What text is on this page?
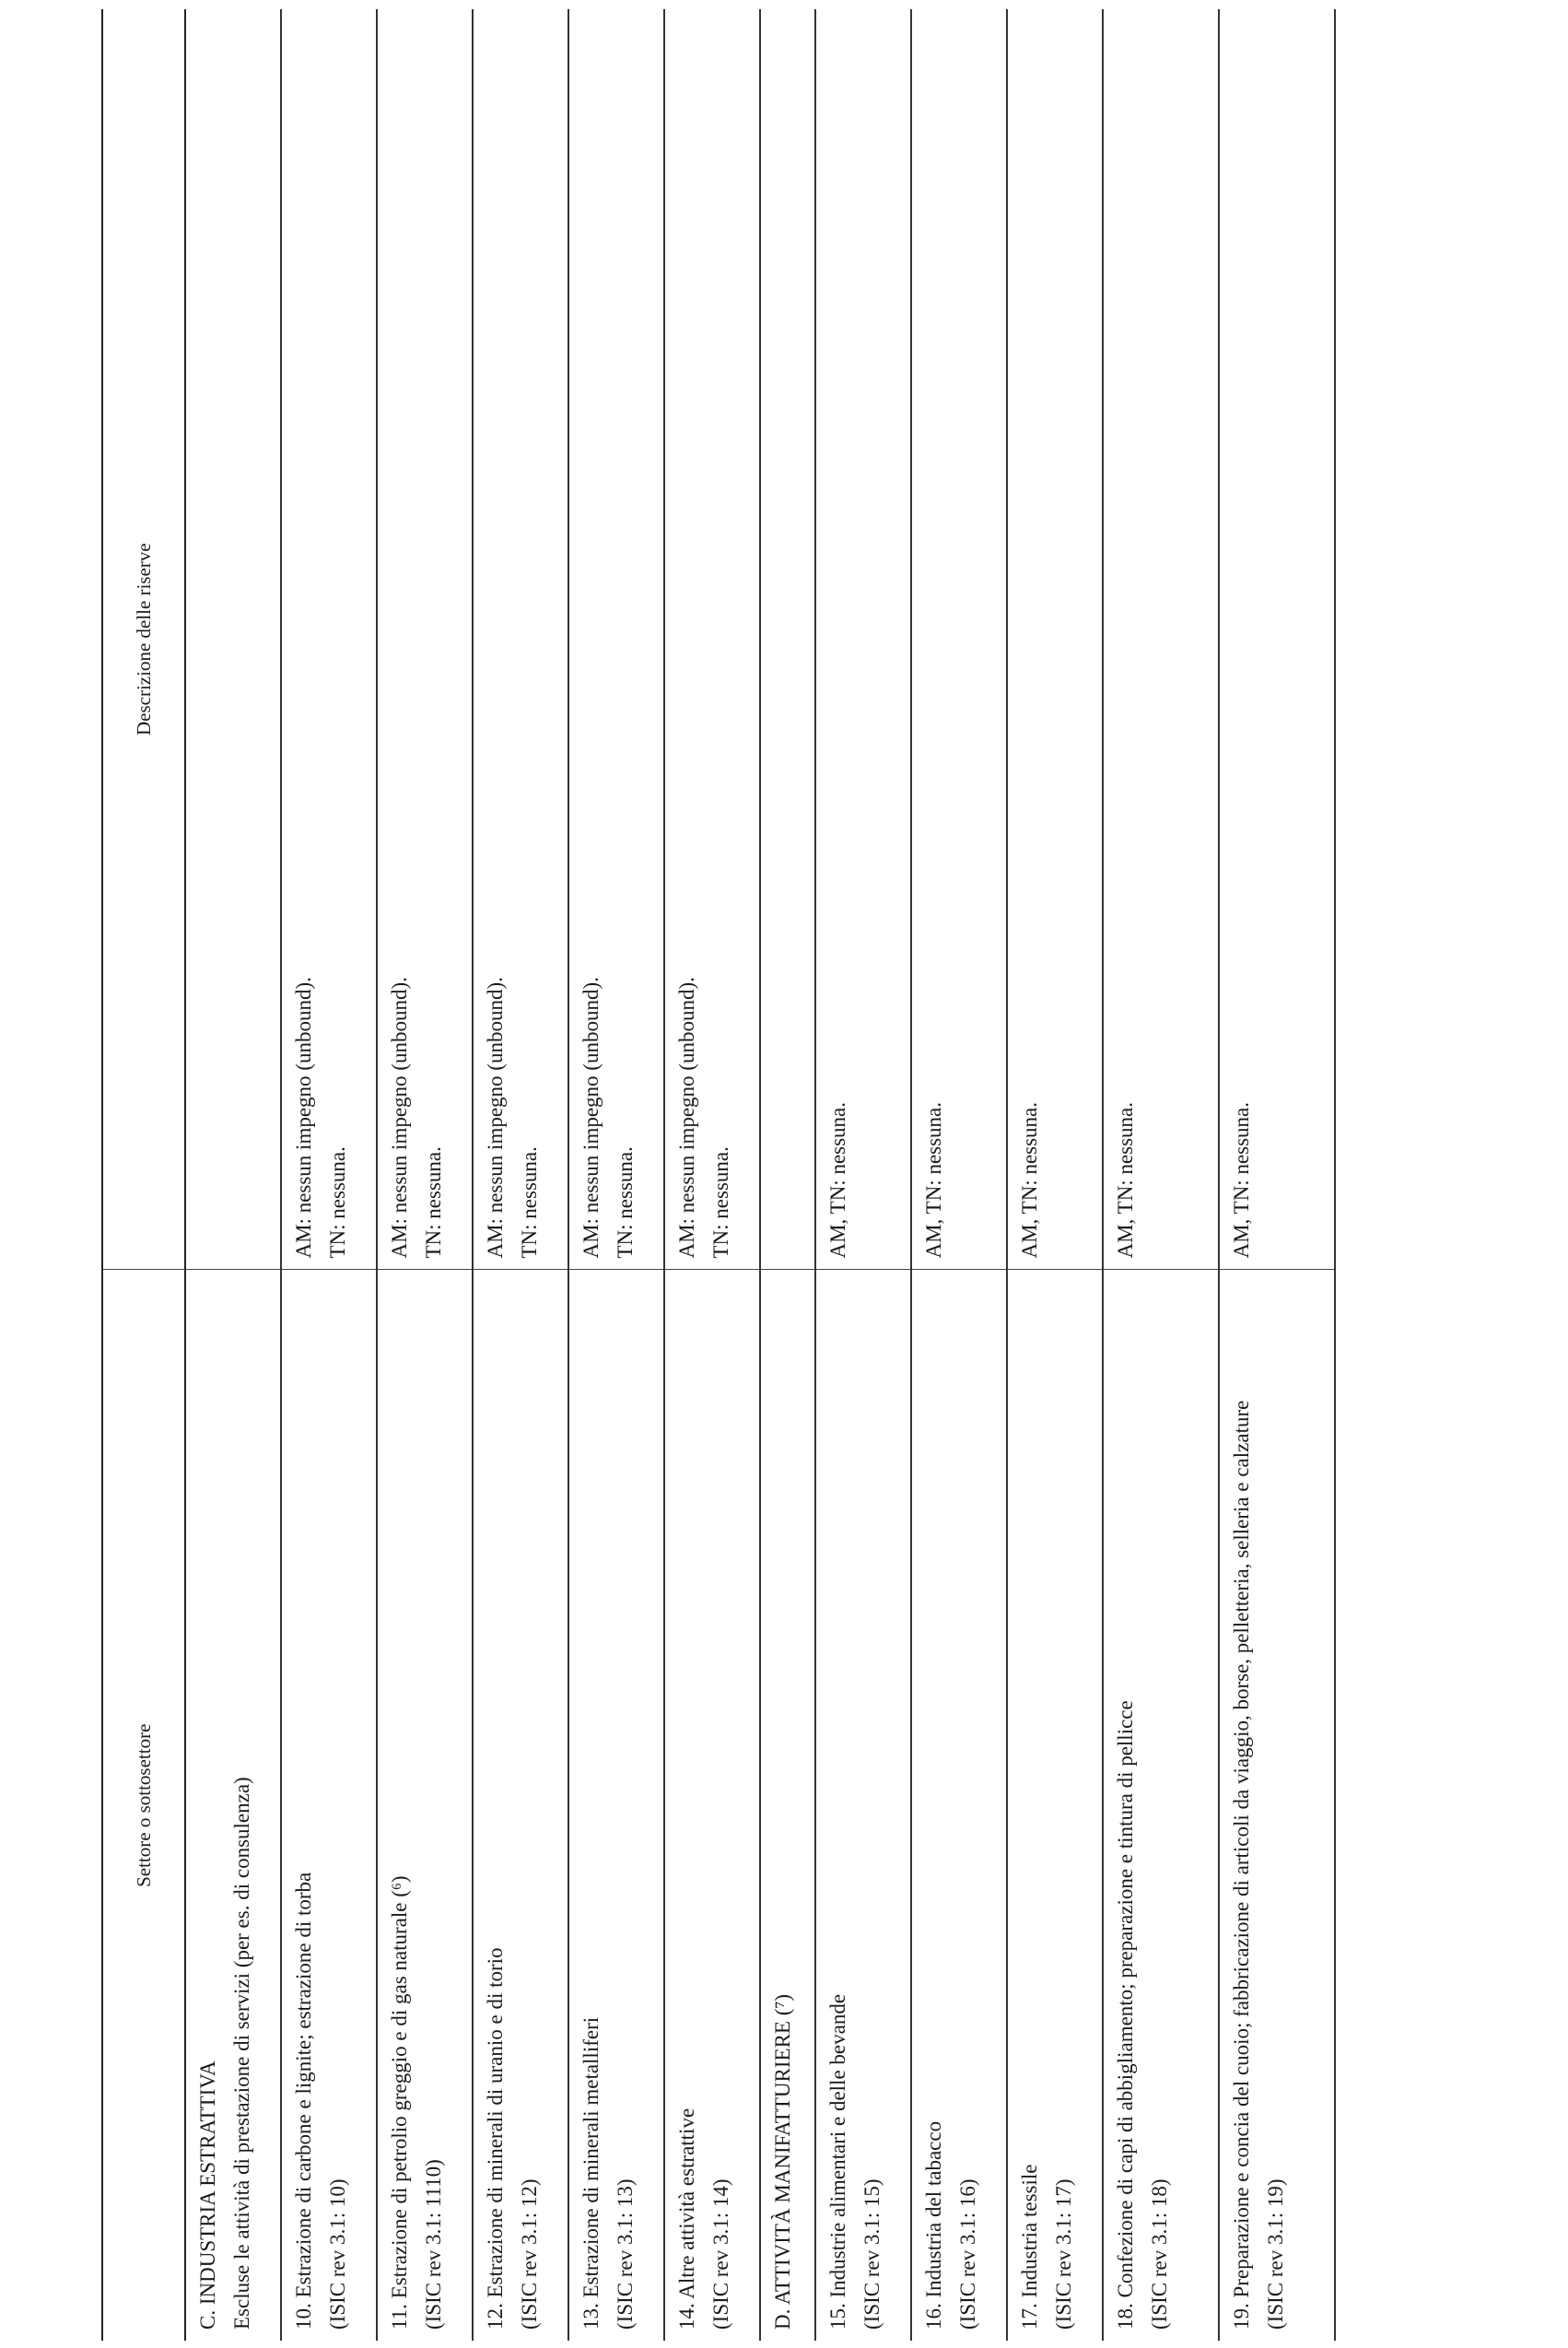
Settore o sottosettore	Descrizione delle riserve

C. INDUSTRIA ESTRATTIVA Escluse le attività di prestazione di servizi (per es. di consulenza)	

10. Estrazione di carbone e lignite; estrazione di torba (ISIC rev 3.1: 10)	AM: nessun impegno (unbound). TN: nessuna.

11. Estrazione di petrolio greggio e di gas naturale (⁶) (ISIC rev 3.1: 1110)	AM: nessun impegno (unbound). TN: nessuna.

12. Estrazione di minerali di uranio e di torio (ISIC rev 3.1: 12)	AM: nessun impegno (unbound). TN: nessuna.

13. Estrazione di minerali metalliferi (ISIC rev 3.1: 13)	AM: nessun impegno (unbound). TN: nessuna.

14. Altre attività estrattive (ISIC rev 3.1: 14)	AM: nessun impegno (unbound). TN: nessuna.

D. ATTIVITÀ MANIFATTURIERE (⁷)	

15. Industrie alimentari e delle bevande (ISIC rev 3.1: 15)	AM, TN: nessuna.

16. Industria del tabacco (ISIC rev 3.1: 16)	AM, TN: nessuna.

17. Industria tessile (ISIC rev 3.1: 17)	AM, TN: nessuna.

18. Confezione di capi di abbigliamento; preparazione e tintura di pellicce (ISIC rev 3.1: 18)	AM, TN: nessuna.

19. Preparazione e concia del cuoio; fabbricazione di articoli da viaggio, borse, pelletteria, selleria e calzature (ISIC rev 3.1: 19)	AM, TN: nessuna.
